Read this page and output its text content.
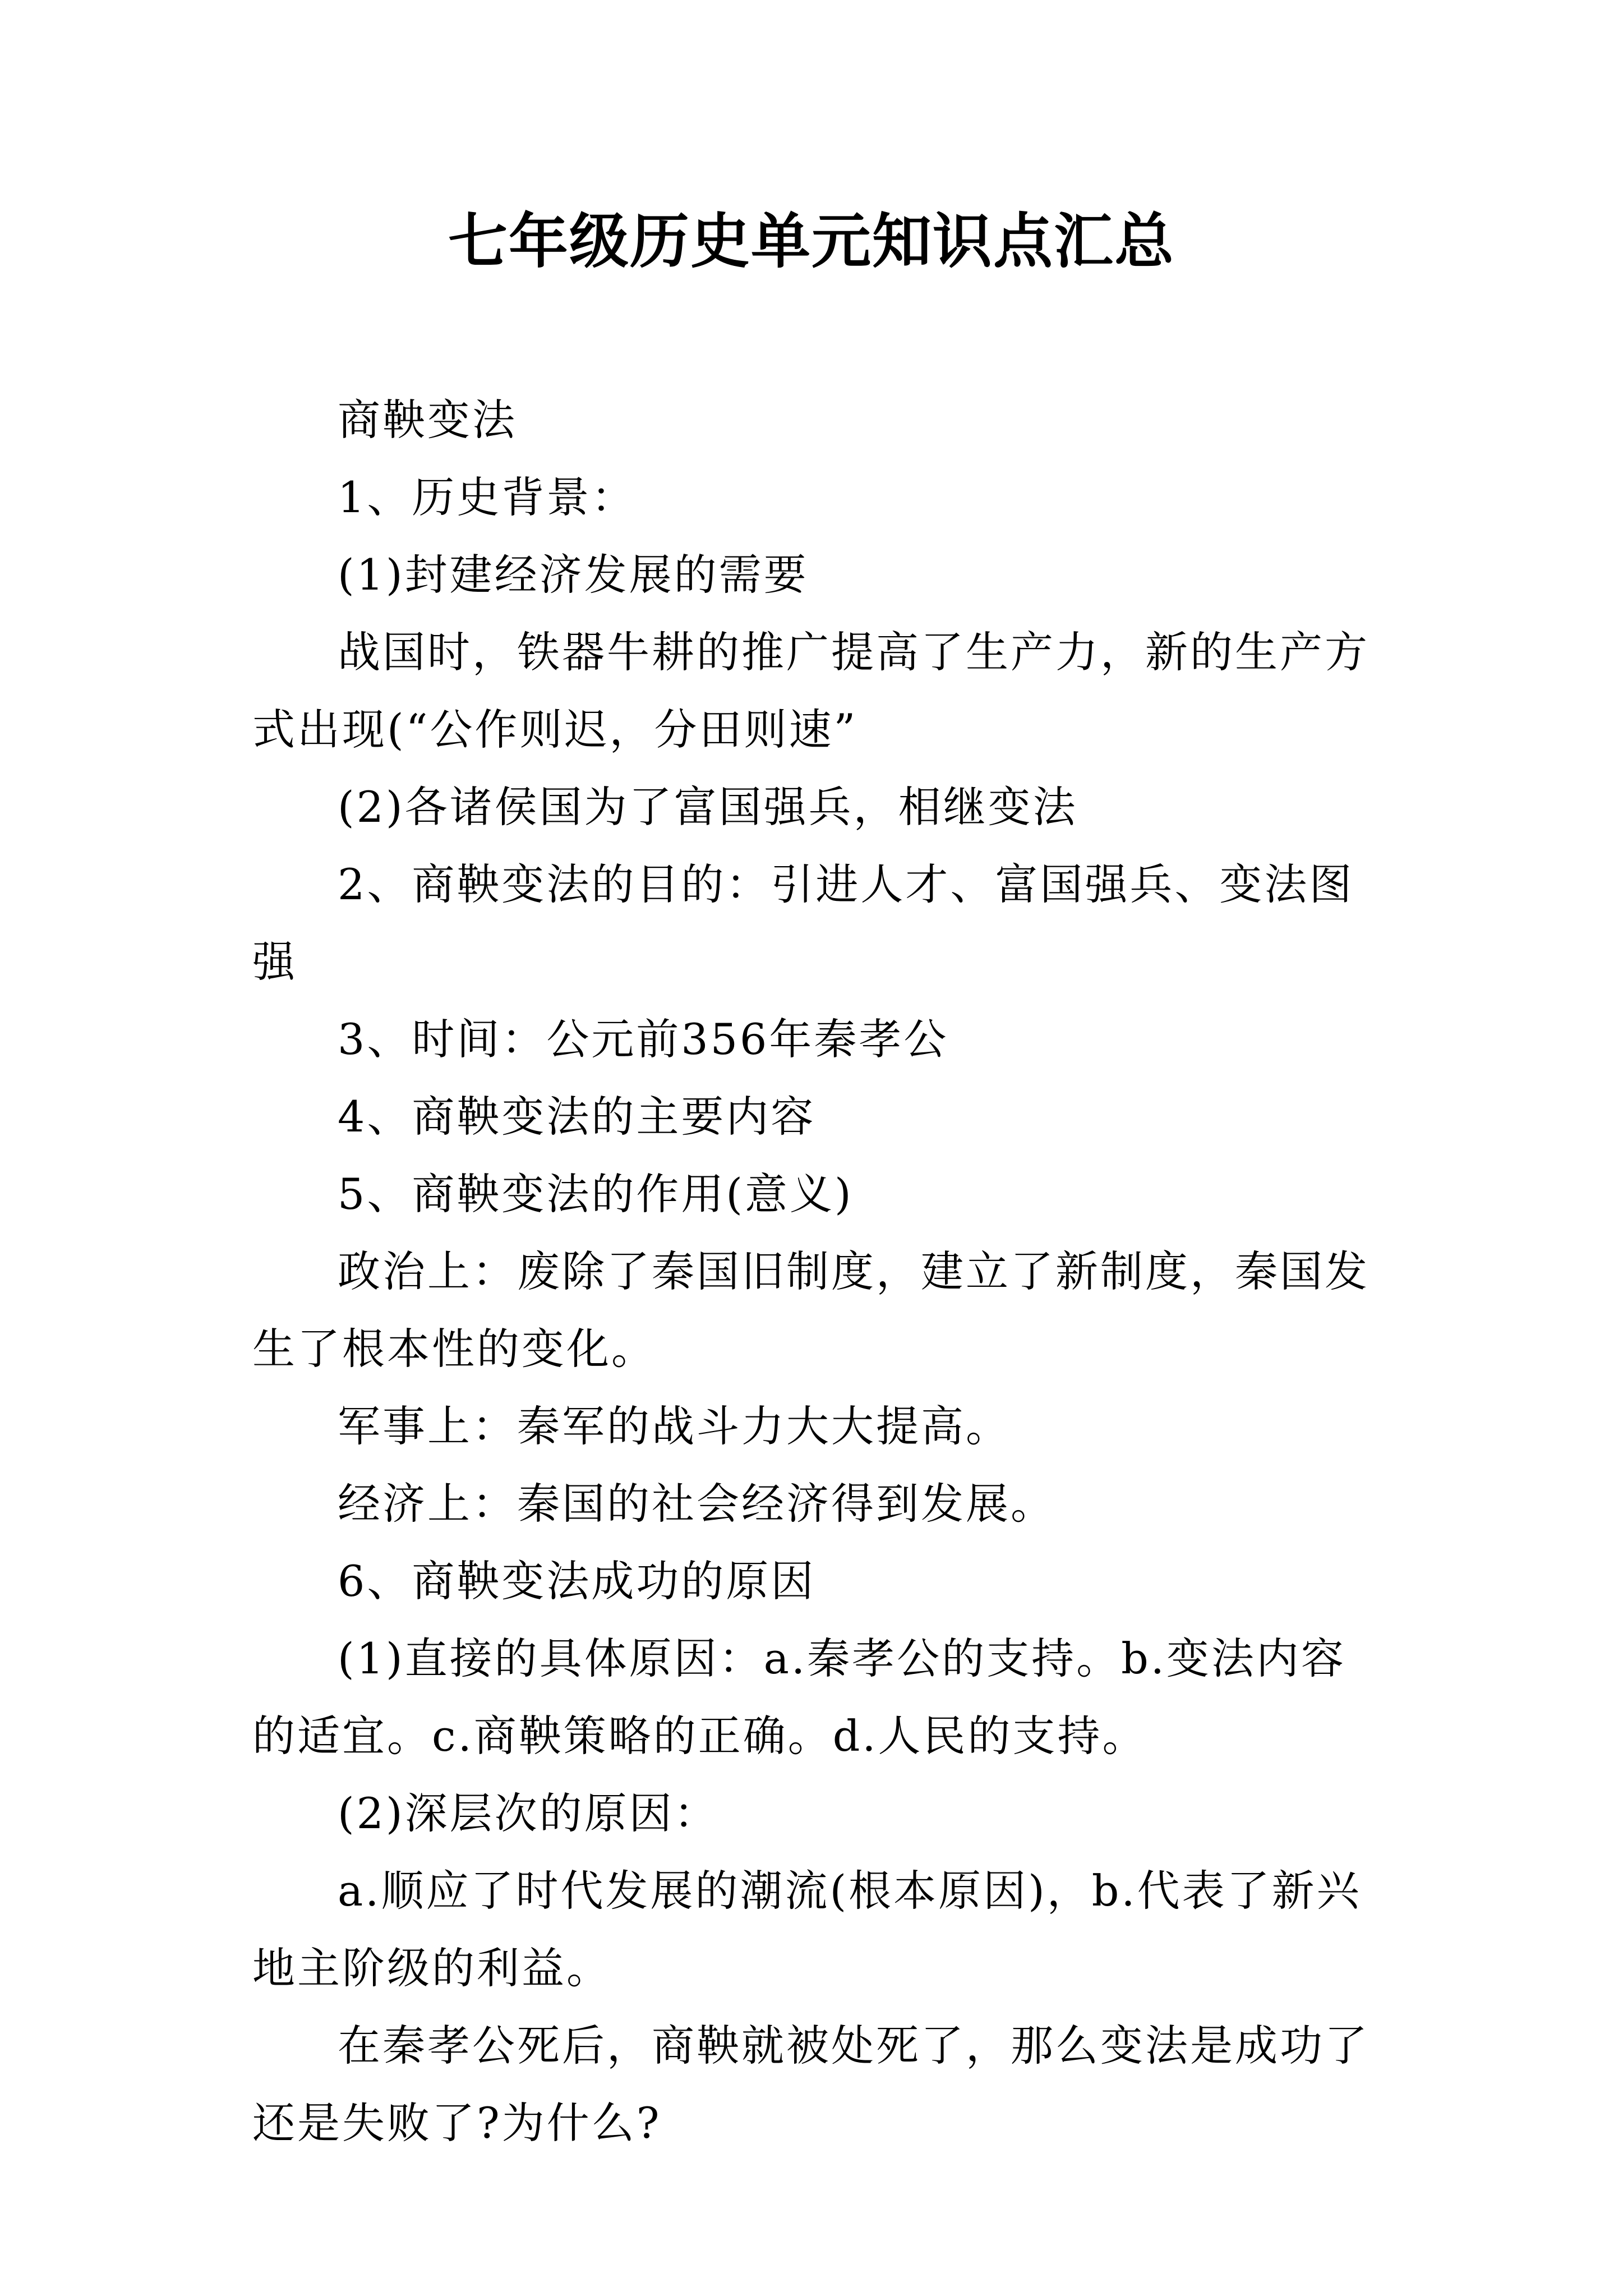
七年级历史单元知识点汇总

商鞅变法

1、历史背景：

(1)封建经济发展的需要

战国时，铁器牛耕的推广提高了生产力，新的生产方式出现(“公作则迟，分田则速”

(2)各诸侯国为了富国强兵，相继变法

2、商鞅变法的目的：引进人才、富国强兵、变法图强

3、时间：公元前356年秦孝公

4、商鞅变法的主要内容

5、商鞅变法的作用(意义)

政治上：废除了秦国旧制度，建立了新制度，秦国发生了根本性的变化。

军事上：秦军的战斗力大大提高。

经济上：秦国的社会经济得到发展。

6、商鞅变法成功的原因

(1)直接的具体原因：a.秦孝公的支持。b.变法内容的适宜。c.商鞅策略的正确。d.人民的支持。

(2)深层次的原因：

a.顺应了时代发展的潮流(根本原因)，b.代表了新兴地主阶级的利益。

在秦孝公死后，商鞅就被处死了，那么变法是成功了还是失败了?为什么?
